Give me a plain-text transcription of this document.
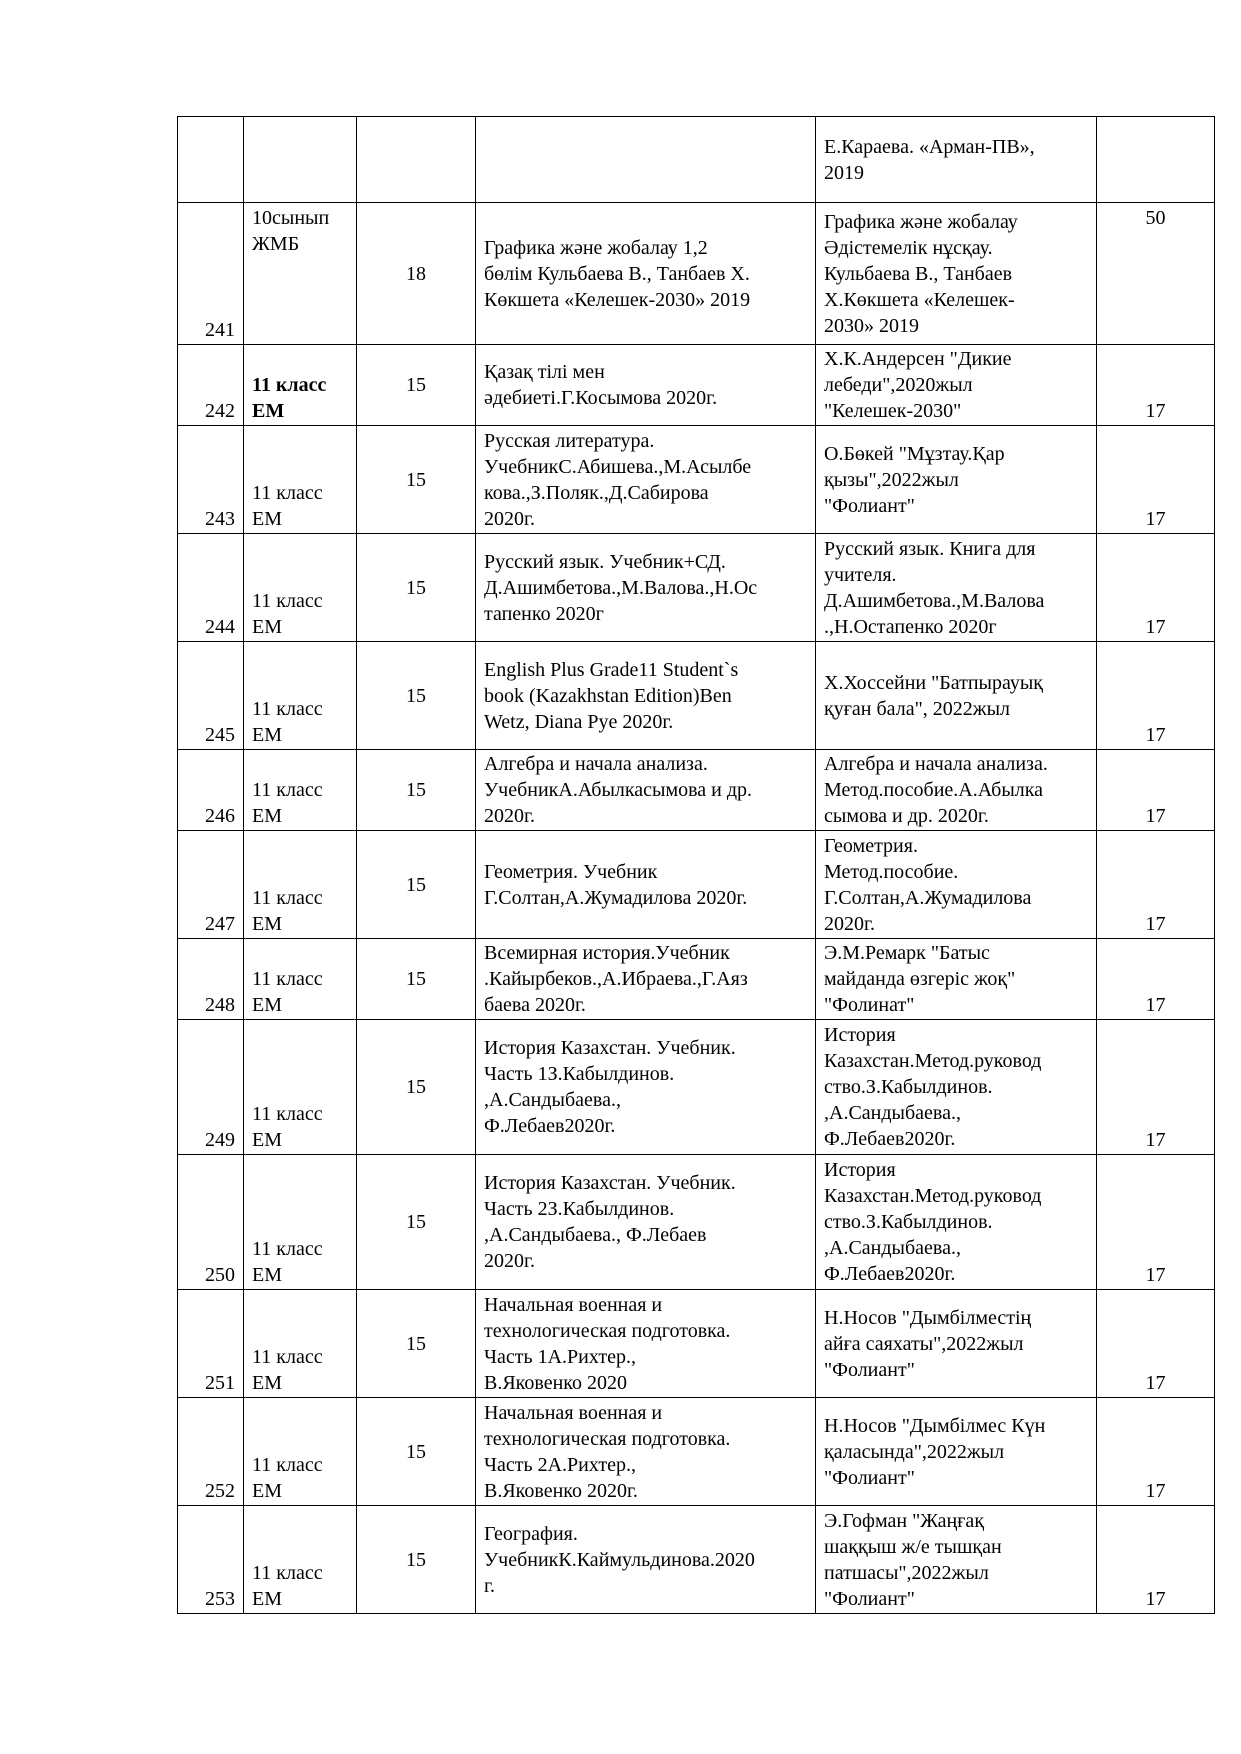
				Е.Караева. «Арман-ПВ»,
2019	

241	10сынып
ЖМБ	18	Графика және жобалау 1,2
бөлім Кульбаева В., Танбаев Х.
Көкшета «Келешек-2030» 2019	Графика және жобалау
Әдістемелік нұсқау.
Кульбаева В., Танбаев
Х.Көкшета «Келешек-
2030» 2019	50

242	11 класс
ЕМ	15	Қазақ тілі мен
әдебиеті.Г.Косымова 2020г.	Х.К.Андерсен "Дикие
лебеди",2020жыл
"Келешек-2030"	17

243	11 класс
ЕМ	15	Русская литература.
УчебникС.Абишева.,М.Асылбе
кова.,З.Поляк.,Д.Сабирова
2020г.	О.Бөкей "Мұзтау.Қар
қызы",2022жыл
"Фолиант"	17

244	11 класс
ЕМ	15	Русский язык. Учебник+СД.
Д.Ашимбетова.,М.Валова.,Н.Ос
тапенко 2020г	Русский язык. Книга для
учителя.
Д.Ашимбетова.,М.Валова
.,Н.Остапенко 2020г	17

245	11 класс
ЕМ	15	English Plus Grade11 Student`s
book (Kazakhstan Edition)Ben
Wetz, Diana Pye 2020г.	Х.Хоссейни "Батпырауық
қуған бала", 2022жыл	17

246	11 класс
ЕМ	15	Алгебра и начала анализа.
УчебникА.Абылкасымова и др.
2020г.	Алгебра и начала анализа.
Метод.пособие.А.Абылка
сымова и др. 2020г.	17

247	11 класс
ЕМ	15	Геометрия. Учебник
Г.Солтан,А.Жумадилова 2020г.	Геометрия.
Метод.пособие.
Г.Солтан,А.Жумадилова
2020г.	17

248	11 класс
ЕМ	15	Всемирная история.Учебник
.Кайырбеков.,А.Ибраева.,Г.Аяз
баева 2020г.	Э.М.Ремарк "Батыс
майданда өзгеріс жоқ"
"Фолинат"	17

249	11 класс
ЕМ	15	История Казахстан. Учебник.
Часть 1З.Кабылдинов.
,А.Сандыбаева.,
Ф.Лебаев2020г.	История
Казахстан.Метод.руковод
ство.З.Кабылдинов.
,А.Сандыбаева.,
Ф.Лебаев2020г.	17

250	11 класс
ЕМ	15	История Казахстан. Учебник.
Часть 2З.Кабылдинов.
,А.Сандыбаева., Ф.Лебаев
2020г.	История
Казахстан.Метод.руковод
ство.З.Кабылдинов.
,А.Сандыбаева.,
Ф.Лебаев2020г.	17

251	11 класс
ЕМ	15	Начальная военная и
технологическая подготовка.
Часть 1А.Рихтер.,
В.Яковенко 2020	Н.Носов "Дымбілместің
айға саяхаты",2022жыл
"Фолиант"	17

252	11 класс
ЕМ	15	Начальная военная и
технологическая подготовка.
Часть 2А.Рихтер.,
В.Яковенко 2020г.	Н.Носов "Дымбілмес Күн
қаласында",2022жыл
"Фолиант"	17

253	11 класс
ЕМ	15	География.
УчебникК.Каймульдинова.2020
г.	Э.Гофман "Жаңғақ
шаққыш ж/е тышқан
патшасы",2022жыл
"Фолиант"	17
